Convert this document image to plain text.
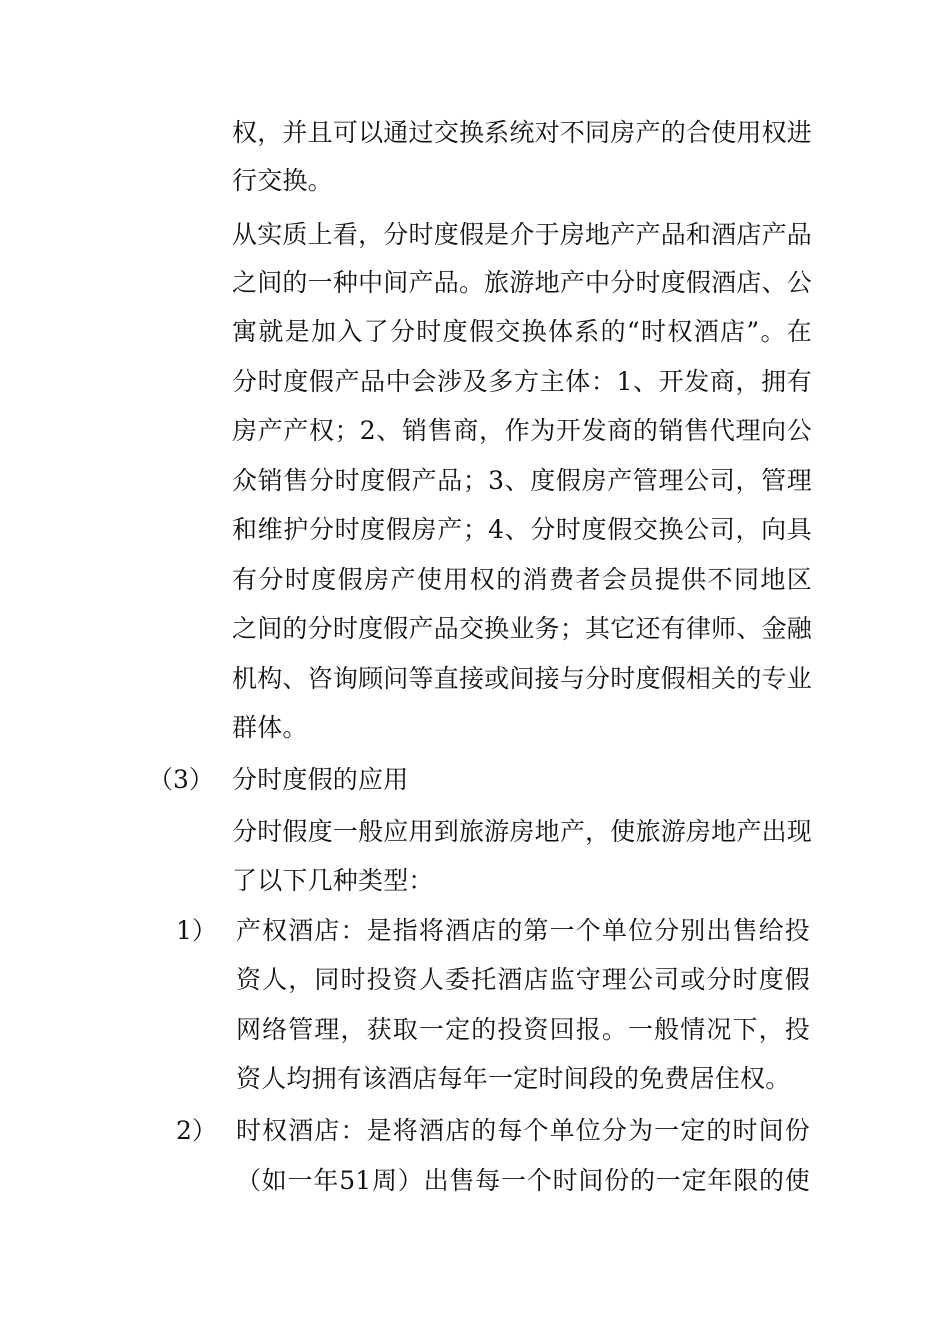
权，并且可以通过交换系统对不同房产的合使用权进
行交换。
从实质上看，分时度假是介于房地产产品和酒店产品
之间的一种中间产品。旅游地产中分时度假酒店、公
寓就是加入了分时度假交换体系的“时权酒店”。在
分时度假产品中会涉及多方主体：1、开发商，拥有
房产产权；2、销售商，作为开发商的销售代理向公
众销售分时度假产品；3、度假房产管理公司，管理
和维护分时度假房产；4、分时度假交换公司，向具
有分时度假房产使用权的消费者会员提供不同地区
之间的分时度假产品交换业务；其它还有律师、金融
机构、咨询顾问等直接或间接与分时度假相关的专业
群体。
（3） 分时度假的应用
分时假度一般应用到旅游房地产，使旅游房地产出现
了以下几种类型：
1） 产权酒店：是指将酒店的第一个单位分别出售给投
资人，同时投资人委托酒店监守理公司或分时度假
网络管理，获取一定的投资回报。一般情况下，投
资人均拥有该酒店每年一定时间段的免费居住权。
2） 时权酒店：是将酒店的每个单位分为一定的时间份
（如一年51周）出售每一个时间份的一定年限的使
